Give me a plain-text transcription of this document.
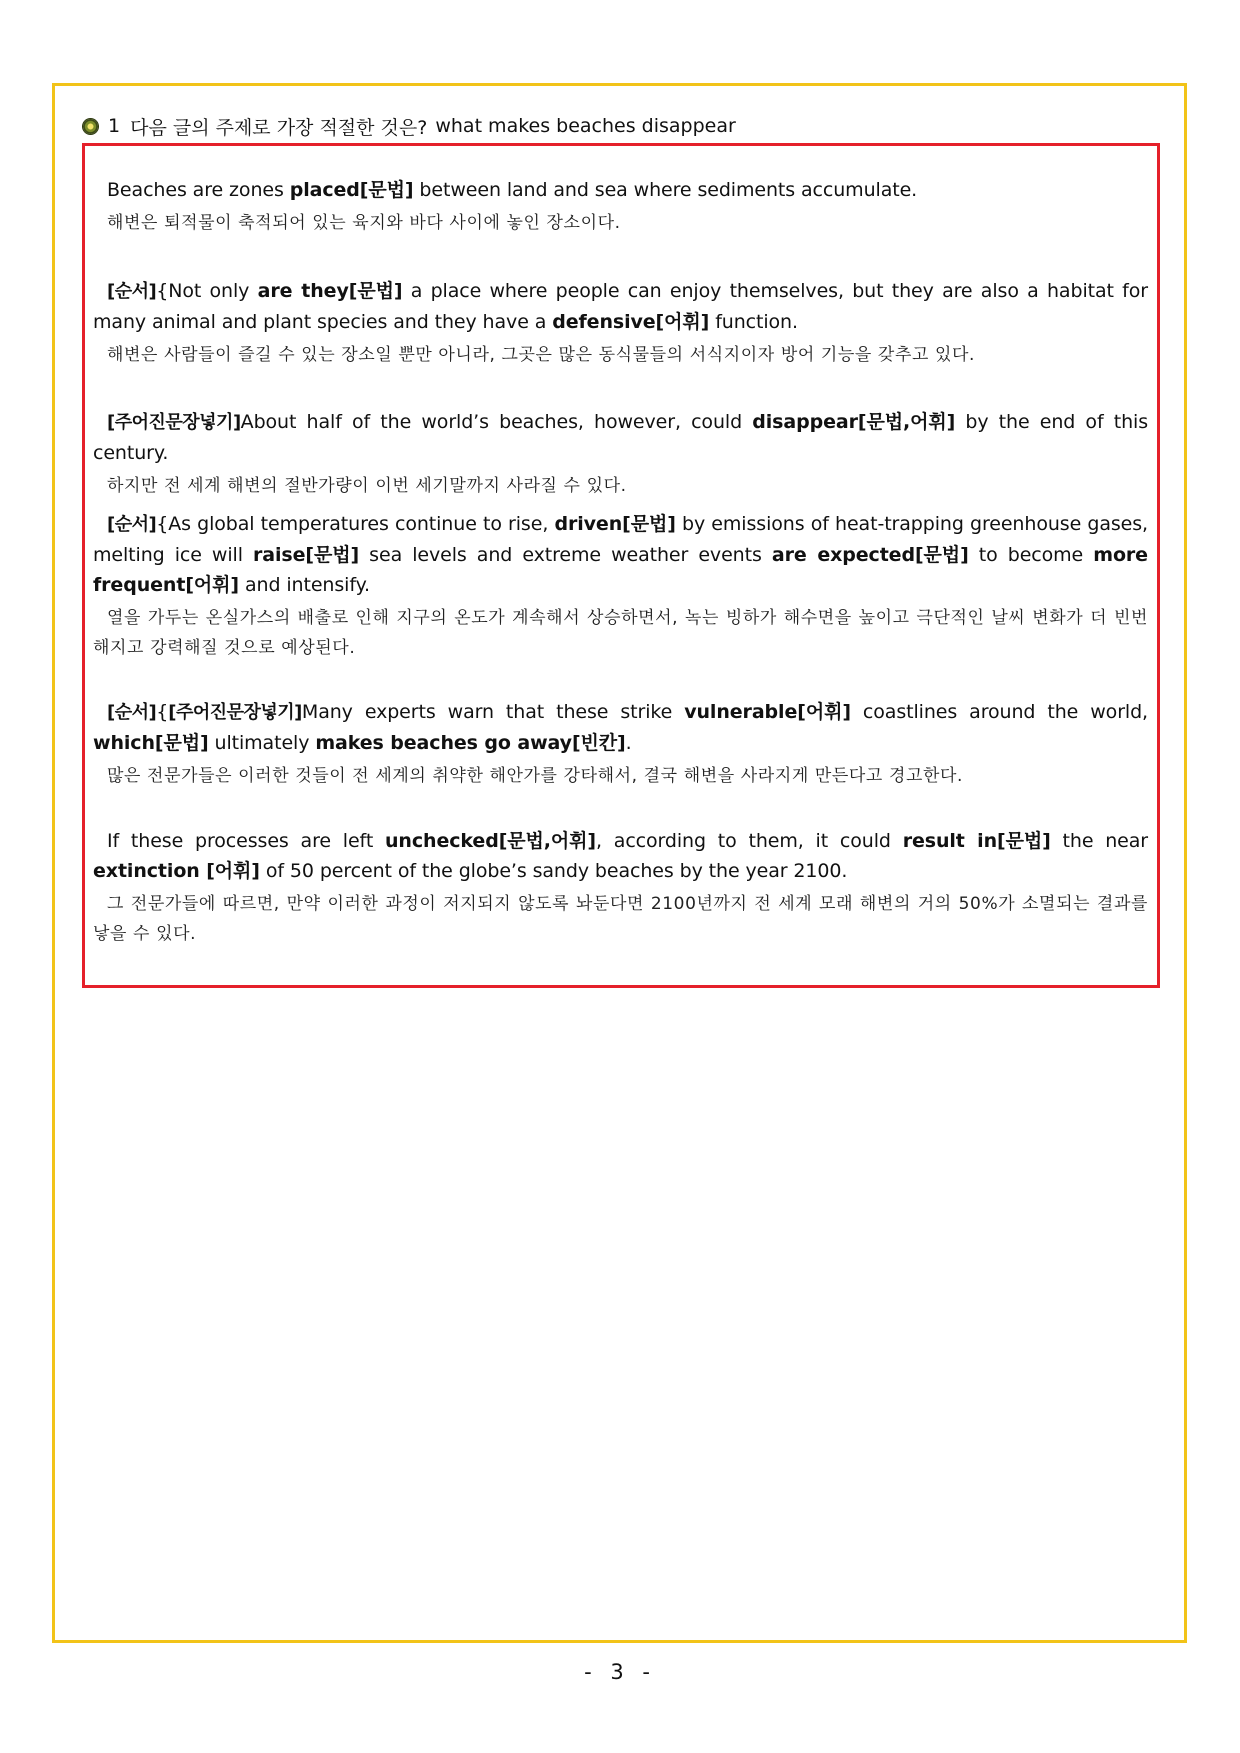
1 다음 글의 주제로 가장 적절한 것은? what makes beaches disappear

Beaches are zones placed[문법] between land and sea where sediments accumulate.

해변은 퇴적물이 축적되어 있는 육지와 바다 사이에 놓인 장소이다.

[순서]{Not only are they[문법] a place where people can enjoy themselves, but they are also a habitat for many animal and plant species and they have a defensive[어휘] function.

해변은 사람들이 즐길 수 있는 장소일 뿐만 아니라, 그곳은 많은 동식물들의 서식지이자 방어 기능을 갖추고 있다.

[주어진문장넣기]About half of the world’s beaches, however, could disappear[문법,어휘] by the end of this century.

하지만 전 세계 해변의 절반가량이 이번 세기말까지 사라질 수 있다.

[순서]{As global temperatures continue to rise, driven[문법] by emissions of heat-trapping greenhouse gases, melting ice will raise[문법] sea levels and extreme weather events are expected[문법] to become more frequent[어휘] and intensify.

열을 가두는 온실가스의 배출로 인해 지구의 온도가 계속해서 상승하면서, 녹는 빙하가 해수면을 높이고 극단적인 날씨 변화가 더 빈번해지고 강력해질 것으로 예상된다.

[순서]{[주어진문장넣기]Many experts warn that these strike vulnerable[어휘] coastlines around the world, which[문법] ultimately makes beaches go away[빈칸].

많은 전문가들은 이러한 것들이 전 세계의 취약한 해안가를 강타해서, 결국 해변을 사라지게 만든다고 경고한다.

If these processes are left unchecked[문법,어휘], according to them, it could result in[문법] the near extinction [어휘] of 50 percent of the globe’s sandy beaches by the year 2100.

그 전문가들에 따르면, 만약 이러한 과정이 저지되지 않도록 놔둔다면 2100년까지 전 세계 모래 해변의 거의 50%가 소멸되는 결과를 낳을 수 있다.

- 3 -
